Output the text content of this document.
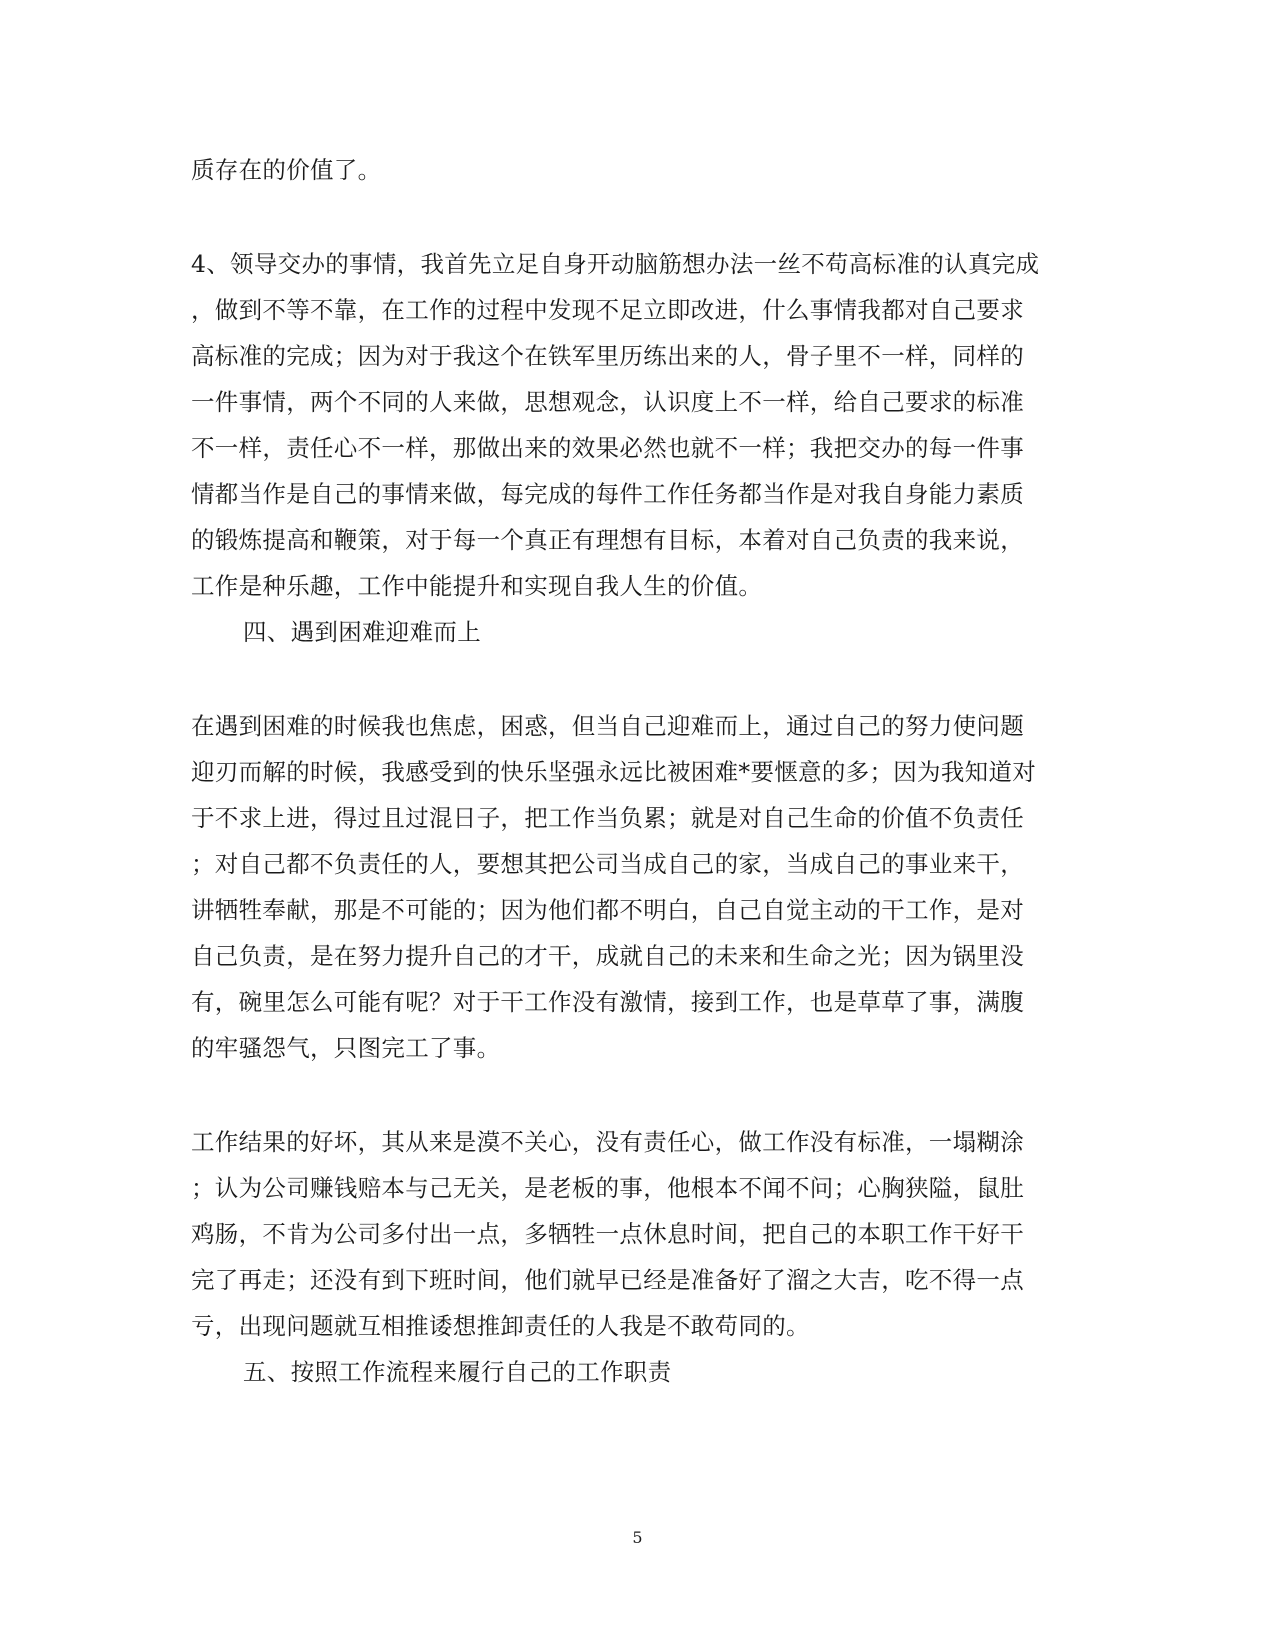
质存在的价值了。
4、领导交办的事情，我首先立足自身开动脑筋想办法一丝不苟高标准的认真完成
，做到不等不靠，在工作的过程中发现不足立即改进，什么事情我都对自己要求
高标准的完成；因为对于我这个在铁军里历练出来的人，骨子里不一样，同样的
一件事情，两个不同的人来做，思想观念，认识度上不一样，给自己要求的标准
不一样，责任心不一样，那做出来的效果必然也就不一样；我把交办的每一件事
情都当作是自己的事情来做，每完成的每件工作任务都当作是对我自身能力素质
的锻炼提高和鞭策，对于每一个真正有理想有目标，本着对自己负责的我来说，
工作是种乐趣，工作中能提升和实现自我人生的价值。
四、遇到困难迎难而上
在遇到困难的时候我也焦虑，困惑，但当自己迎难而上，通过自己的努力使问题
迎刃而解的时候，我感受到的快乐坚强永远比被困难*要惬意的多；因为我知道对
于不求上进，得过且过混日子，把工作当负累；就是对自己生命的价值不负责任
；对自己都不负责任的人，要想其把公司当成自己的家，当成自己的事业来干，
讲牺牲奉献，那是不可能的；因为他们都不明白，自己自觉主动的干工作，是对
自己负责，是在努力提升自己的才干，成就自己的未来和生命之光；因为锅里没
有，碗里怎么可能有呢？对于干工作没有激情，接到工作，也是草草了事，满腹
的牢骚怨气，只图完工了事。
工作结果的好坏，其从来是漠不关心，没有责任心，做工作没有标准，一塌糊涂
；认为公司赚钱赔本与己无关，是老板的事，他根本不闻不问；心胸狭隘，鼠肚
鸡肠，不肯为公司多付出一点，多牺牲一点休息时间，把自己的本职工作干好干
完了再走；还没有到下班时间，他们就早已经是准备好了溜之大吉，吃不得一点
亏，出现问题就互相推诿想推卸责任的人我是不敢苟同的。
五、按照工作流程来履行自己的工作职责
5
